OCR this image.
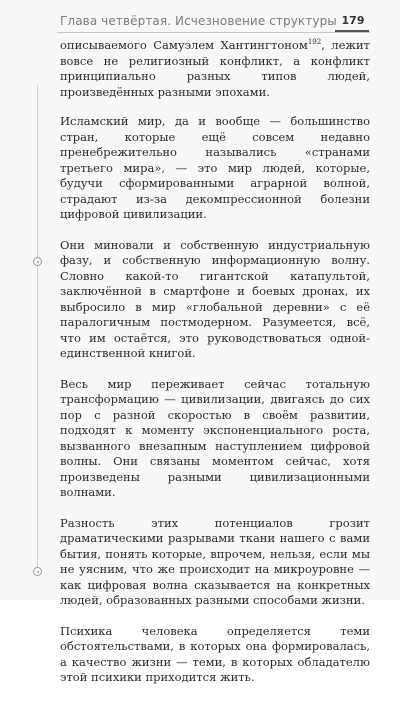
Глава четвёртая. Исчезновение структуры 179

описываемого Самуэлем Хантингтоном$^{192}$, лежит вовсе не религиозный конфликт, а конфликт принципиально разных типов людей, произведённых разными эпохами.

Исламский мир, да и вообще — большинство стран, которые ещё совсем недавно пренебрежительно назывались «странами третьего мира», — это мир людей, которые, будучи сформированными аграрной волной, страдают из-за декомпрессионной болезни цифровой цивилизации.

Они миновали и собственную индустриальную фазу, и собственную информационную волну. Словно какой-то гигантской катапультой, заключённой в смартфоне и боевых дронах, их выбросило в мир «глобальной деревни» с её паралогичным постмодерном. Разумеется, всё, что им остаётся, это руководствоваться одной-единственной книгой.

Весь мир переживает сейчас тотальную трансформацию — цивилизации, двигаясь до сих пор с разной скоростью в своём развитии, подходят к моменту экспоненциального роста, вызванного внезапным наступлением цифровой волны. Они связаны моментом сейчас, хотя произведены разными цивилизационными волнами.

Разность этих потенциалов грозит драматическими разрывами ткани нашего с вами бытия, понять которые, впрочем, нельзя, если мы не уясним, что же происходит на микроуровне — как цифровая волна сказывается на конкретных людей, образованных разными способами жизни.

Психика человека определяется теми обстоятельствами, в которых она формировалась, а качество жизни — теми, в которых обладателю этой психики приходится жить.
